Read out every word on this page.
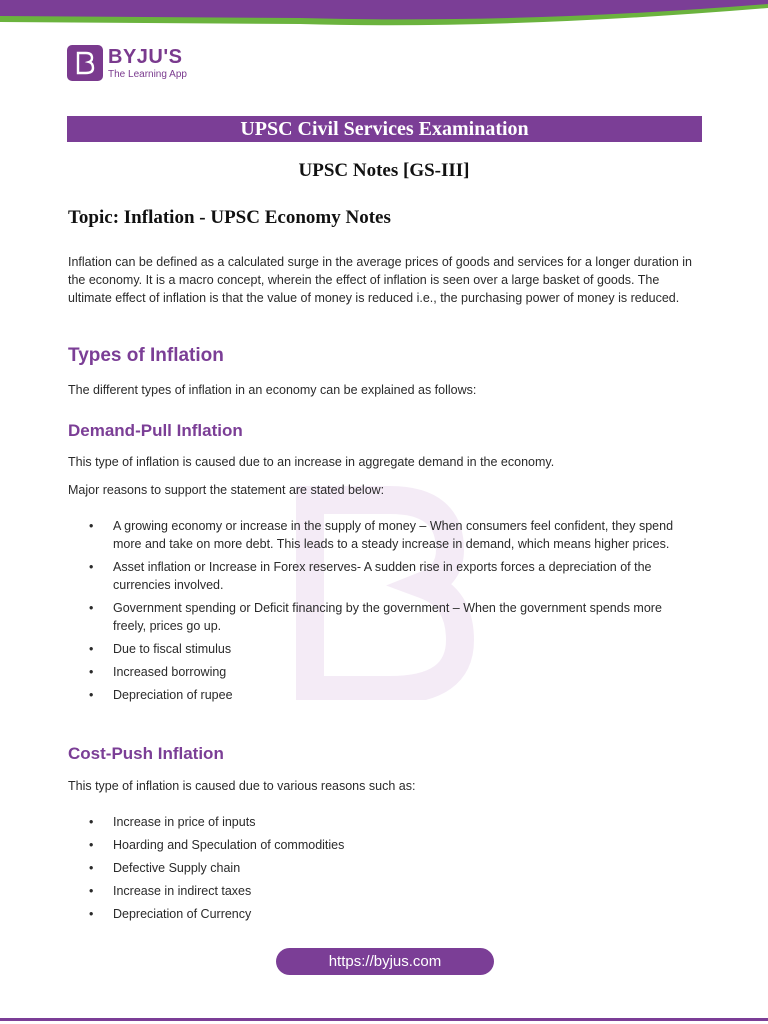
BYJU'S
The Learning App
UPSC Civil Services Examination
UPSC Notes [GS-III]
Topic: Inflation - UPSC Economy Notes

Inflation can be defined as a calculated surge in the average prices of goods and services for a longer duration in the economy. It is a macro concept, wherein the effect of inflation is seen over a large basket of goods. The ultimate effect of inflation is that the value of money is reduced i.e., the purchasing power of money is reduced.

Types of Inflation

The different types of inflation in an economy can be explained as follows:

Demand-Pull Inflation

This type of inflation is caused due to an increase in aggregate demand in the economy.

Major reasons to support the statement are stated below:

• A growing economy or increase in the supply of money – When consumers feel confident, they spend more and take on more debt. This leads to a steady increase in demand, which means higher prices.
• Asset inflation or Increase in Forex reserves- A sudden rise in exports forces a depreciation of the currencies involved.
• Government spending or Deficit financing by the government – When the government spends more freely, prices go up.
• Due to fiscal stimulus
• Increased borrowing
• Depreciation of rupee
Cost-Push Inflation

This type of inflation is caused due to various reasons such as:

• Increase in price of inputs
• Hoarding and Speculation of commodities
• Defective Supply chain
• Increase in indirect taxes
• Depreciation of Currency
https://byjus.com
